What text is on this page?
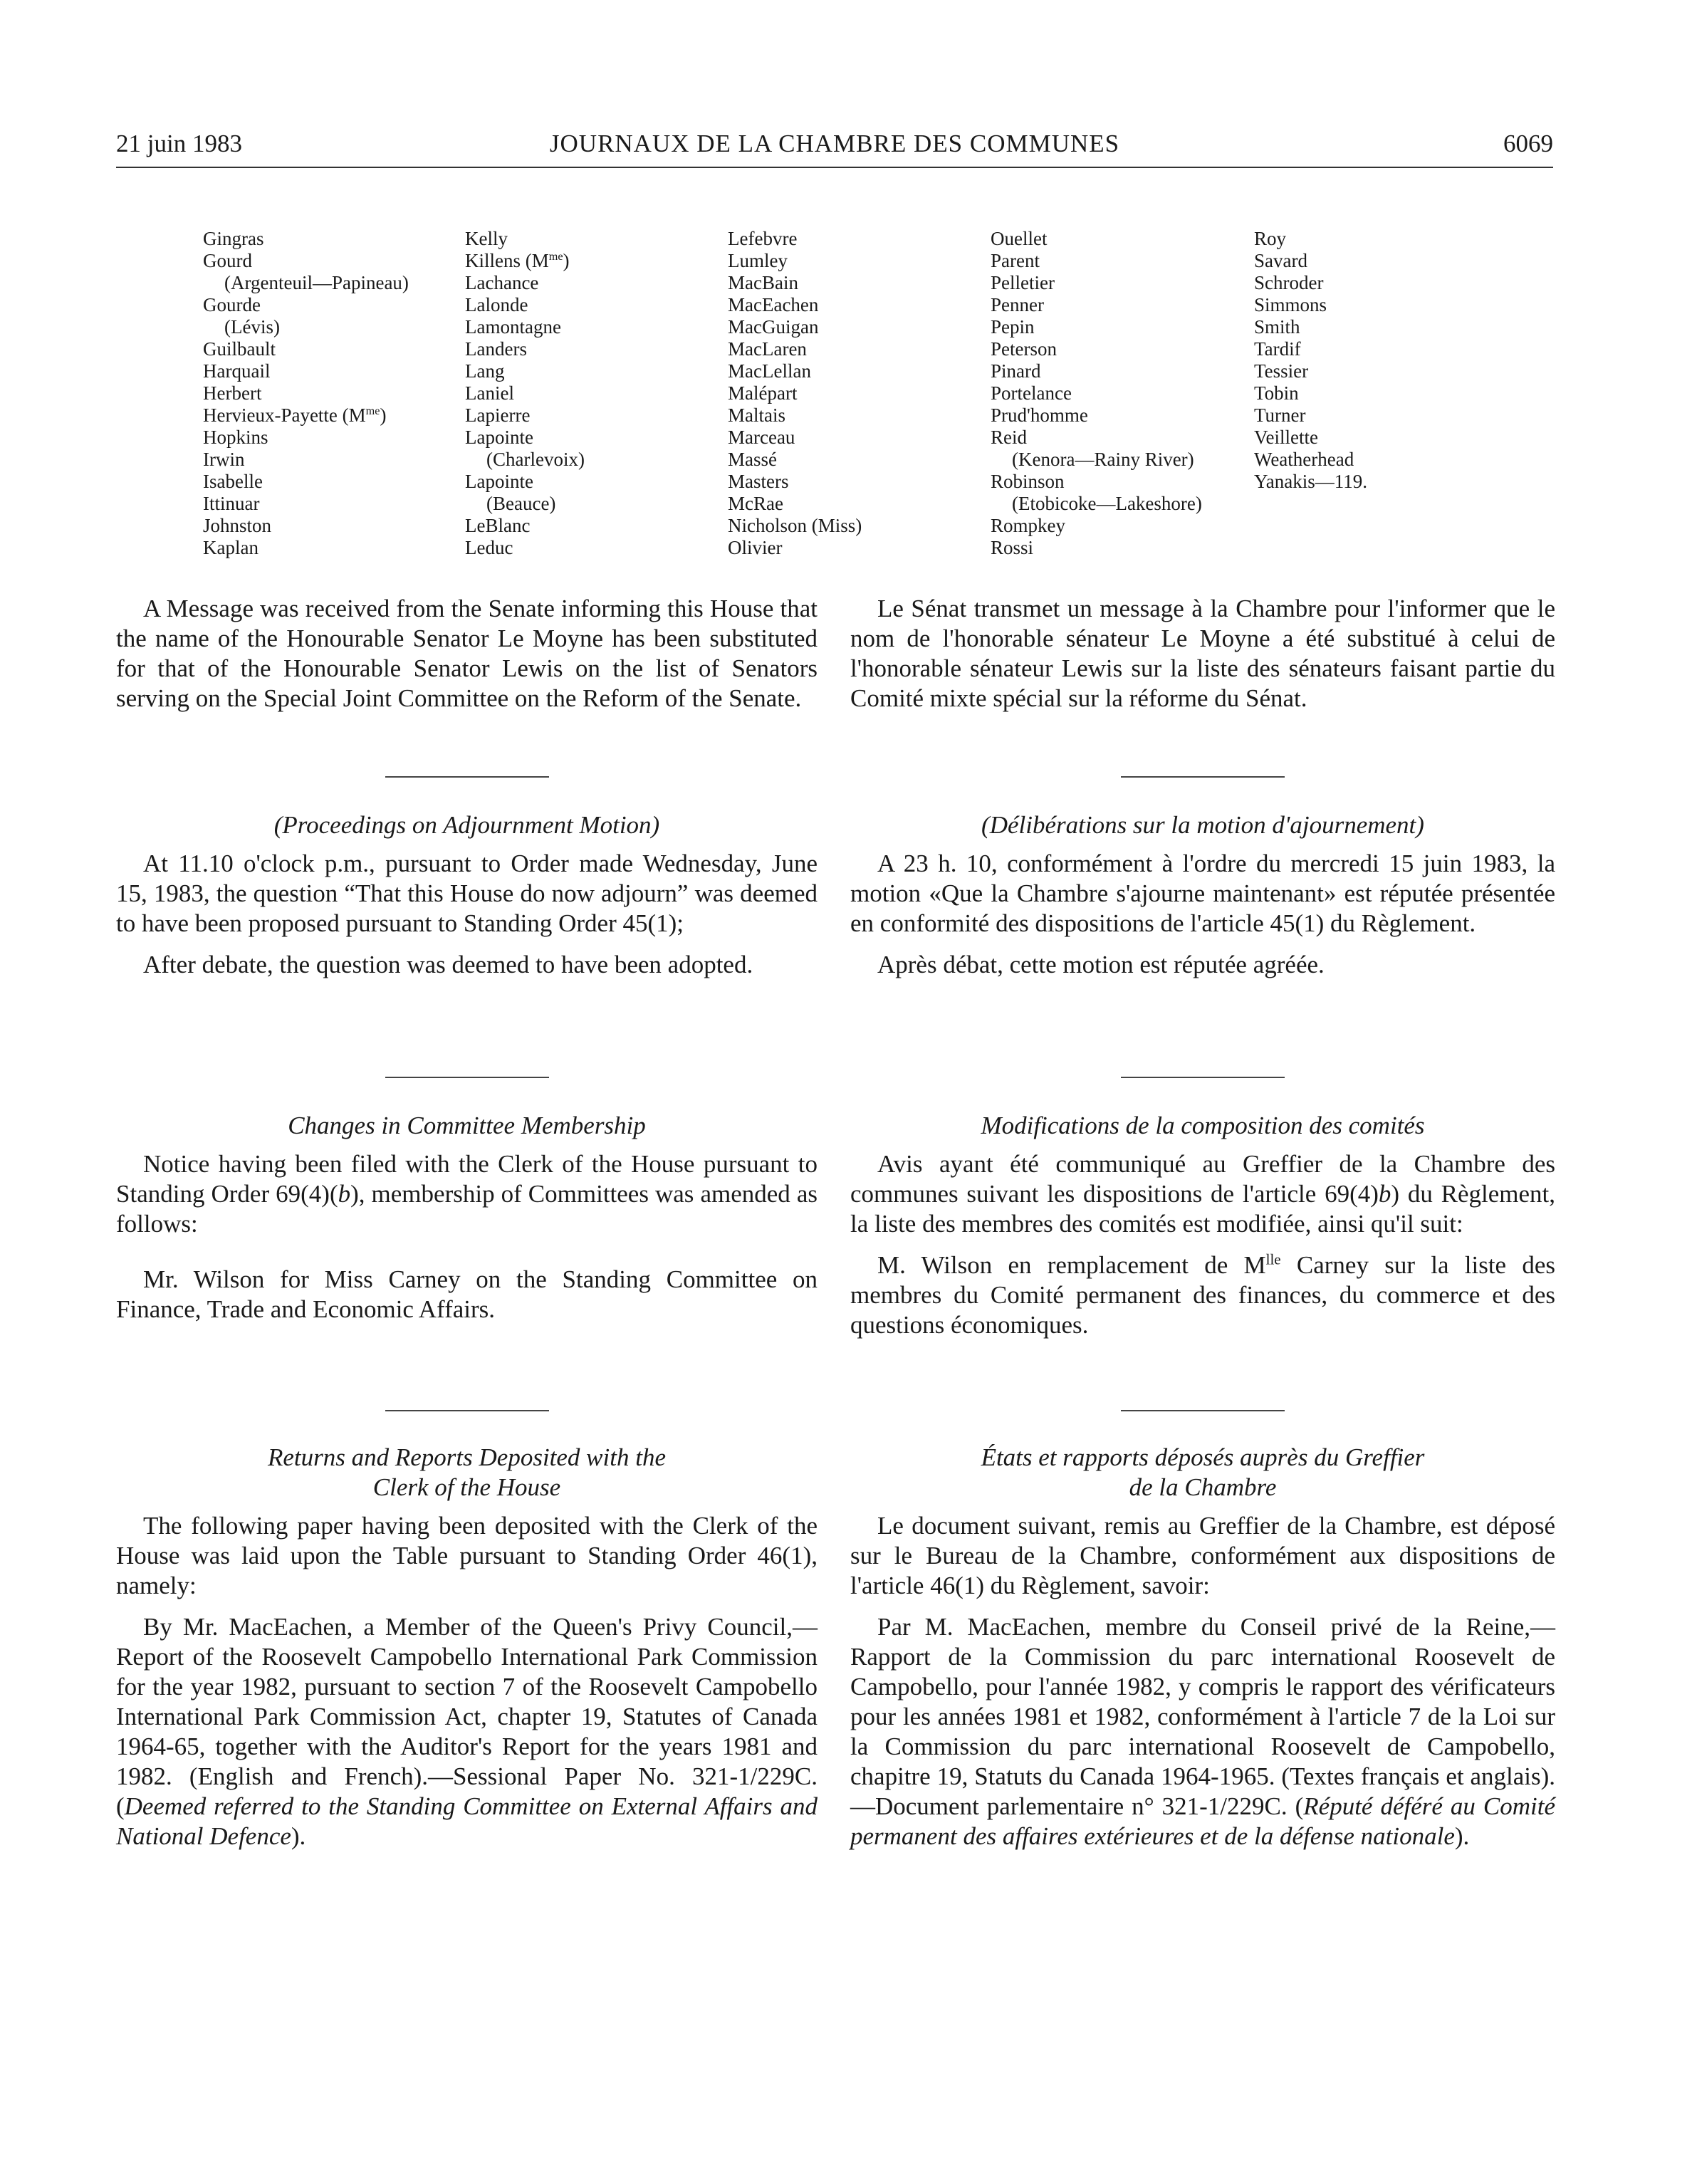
21 juin 1983	JOURNAUX DE LA CHAMBRE DES COMMUNES	6069
Gingras
Gourd
(Argenteuil—Papineau)
Gourde
(Lévis)
Guilbault
Harquail
Herbert
Hervieux-Payette $(M^{me})$
Hopkins
Irwin
Isabelle
Ittinuar
Johnston
Kaplan
Kelly
Killens $(M^{me})$
Lachance
Lalonde
Lamontagne
Landers
Lang
Laniel
Lapierre
Lapointe
(Charlevoix)
Lapointe
(Beauce)
LeBlanc
Leduc
Lefebvre
Lumley
MacBain
MacEachen
MacGuigan
MacLaren
MacLellan
Malépart
Maltais
Marceau
Massé
Masters
McRae
Nicholson (Miss)
Olivier
Ouellet
Parent
Pelletier
Penner
Pepin
Peterson
Pinard
Portelance
Prud'homme
Reid
(Kenora—Rainy River)
Robinson
(Etobicoke—Lakeshore)
Rompkey
Rossi
Roy
Savard
Schroder
Simmons
Smith
Tardif
Tessier
Tobin
Turner
Veillette
Weatherhead
Yanakis—119.

A Message was received from the Senate informing this House that the name of the Honourable Senator Le Moyne has been substituted for that of the Honourable Senator Lewis on the list of Senators serving on the Special Joint Committee on the Reform of the Senate.

Le Sénat transmet un message à la Chambre pour l'informer que le nom de l'honorable sénateur Le Moyne a été substitué à celui de l'honorable sénateur Lewis sur la liste des sénateurs faisant partie du Comité mixte spécial sur la réforme du Sénat.

(Proceedings on Adjournment Motion)

At 11.10 o'clock p.m., pursuant to Order made Wednesday, June 15, 1983, the question “That this House do now adjourn” was deemed to have been proposed pursuant to Standing Order 45(1);

After debate, the question was deemed to have been adopted.

(Délibérations sur la motion d'ajournement)

A 23 h. 10, conformément à l'ordre du mercredi 15 juin 1983, la motion «Que la Chambre s'ajourne maintenant» est réputée présentée en conformité des dispositions de l'article 45(1) du Règlement.

Après débat, cette motion est réputée agréée.

Changes in Committee Membership

Notice having been filed with the Clerk of the House pursuant to Standing Order 69(4)(b), membership of Committees was amended as follows:

Mr. Wilson for Miss Carney on the Standing Committee on Finance, Trade and Economic Affairs.

Modifications de la composition des comités

Avis ayant été communiqué au Greffier de la Chambre des communes suivant les dispositions de l'article 69(4)b) du Règlement, la liste des membres des comités est modifiée, ainsi qu'il suit:

M. Wilson en remplacement de $M^{lle}$ Carney sur la liste des membres du Comité permanent des finances, du commerce et des questions économiques.

Returns and Reports Deposited with the
Clerk of the House

The following paper having been deposited with the Clerk of the House was laid upon the Table pursuant to Standing Order 46(1), namely:

By Mr. MacEachen, a Member of the Queen's Privy Council,—Report of the Roosevelt Campobello International Park Commission for the year 1982, pursuant to section 7 of the Roosevelt Campobello International Park Commission Act, chapter 19, Statutes of Canada 1964-65, together with the Auditor's Report for the years 1981 and 1982. (English and French).—Sessional Paper No. 321-1/229C. (Deemed referred to the Standing Committee on External Affairs and National Defence).

États et rapports déposés auprès du Greffier
de la Chambre

Le document suivant, remis au Greffier de la Chambre, est déposé sur le Bureau de la Chambre, conformément aux dispositions de l'article 46(1) du Règlement, savoir:

Par M. MacEachen, membre du Conseil privé de la Reine,—Rapport de la Commission du parc international Roosevelt de Campobello, pour l'année 1982, y compris le rapport des vérificateurs pour les années 1981 et 1982, conformément à l'article 7 de la Loi sur la Commission du parc international Roosevelt de Campobello, chapitre 19, Statuts du Canada 1964-1965. (Textes français et anglais).—Document parlementaire n° 321-1/229C. (Réputé déféré au Comité permanent des affaires extérieures et de la défense nationale).
